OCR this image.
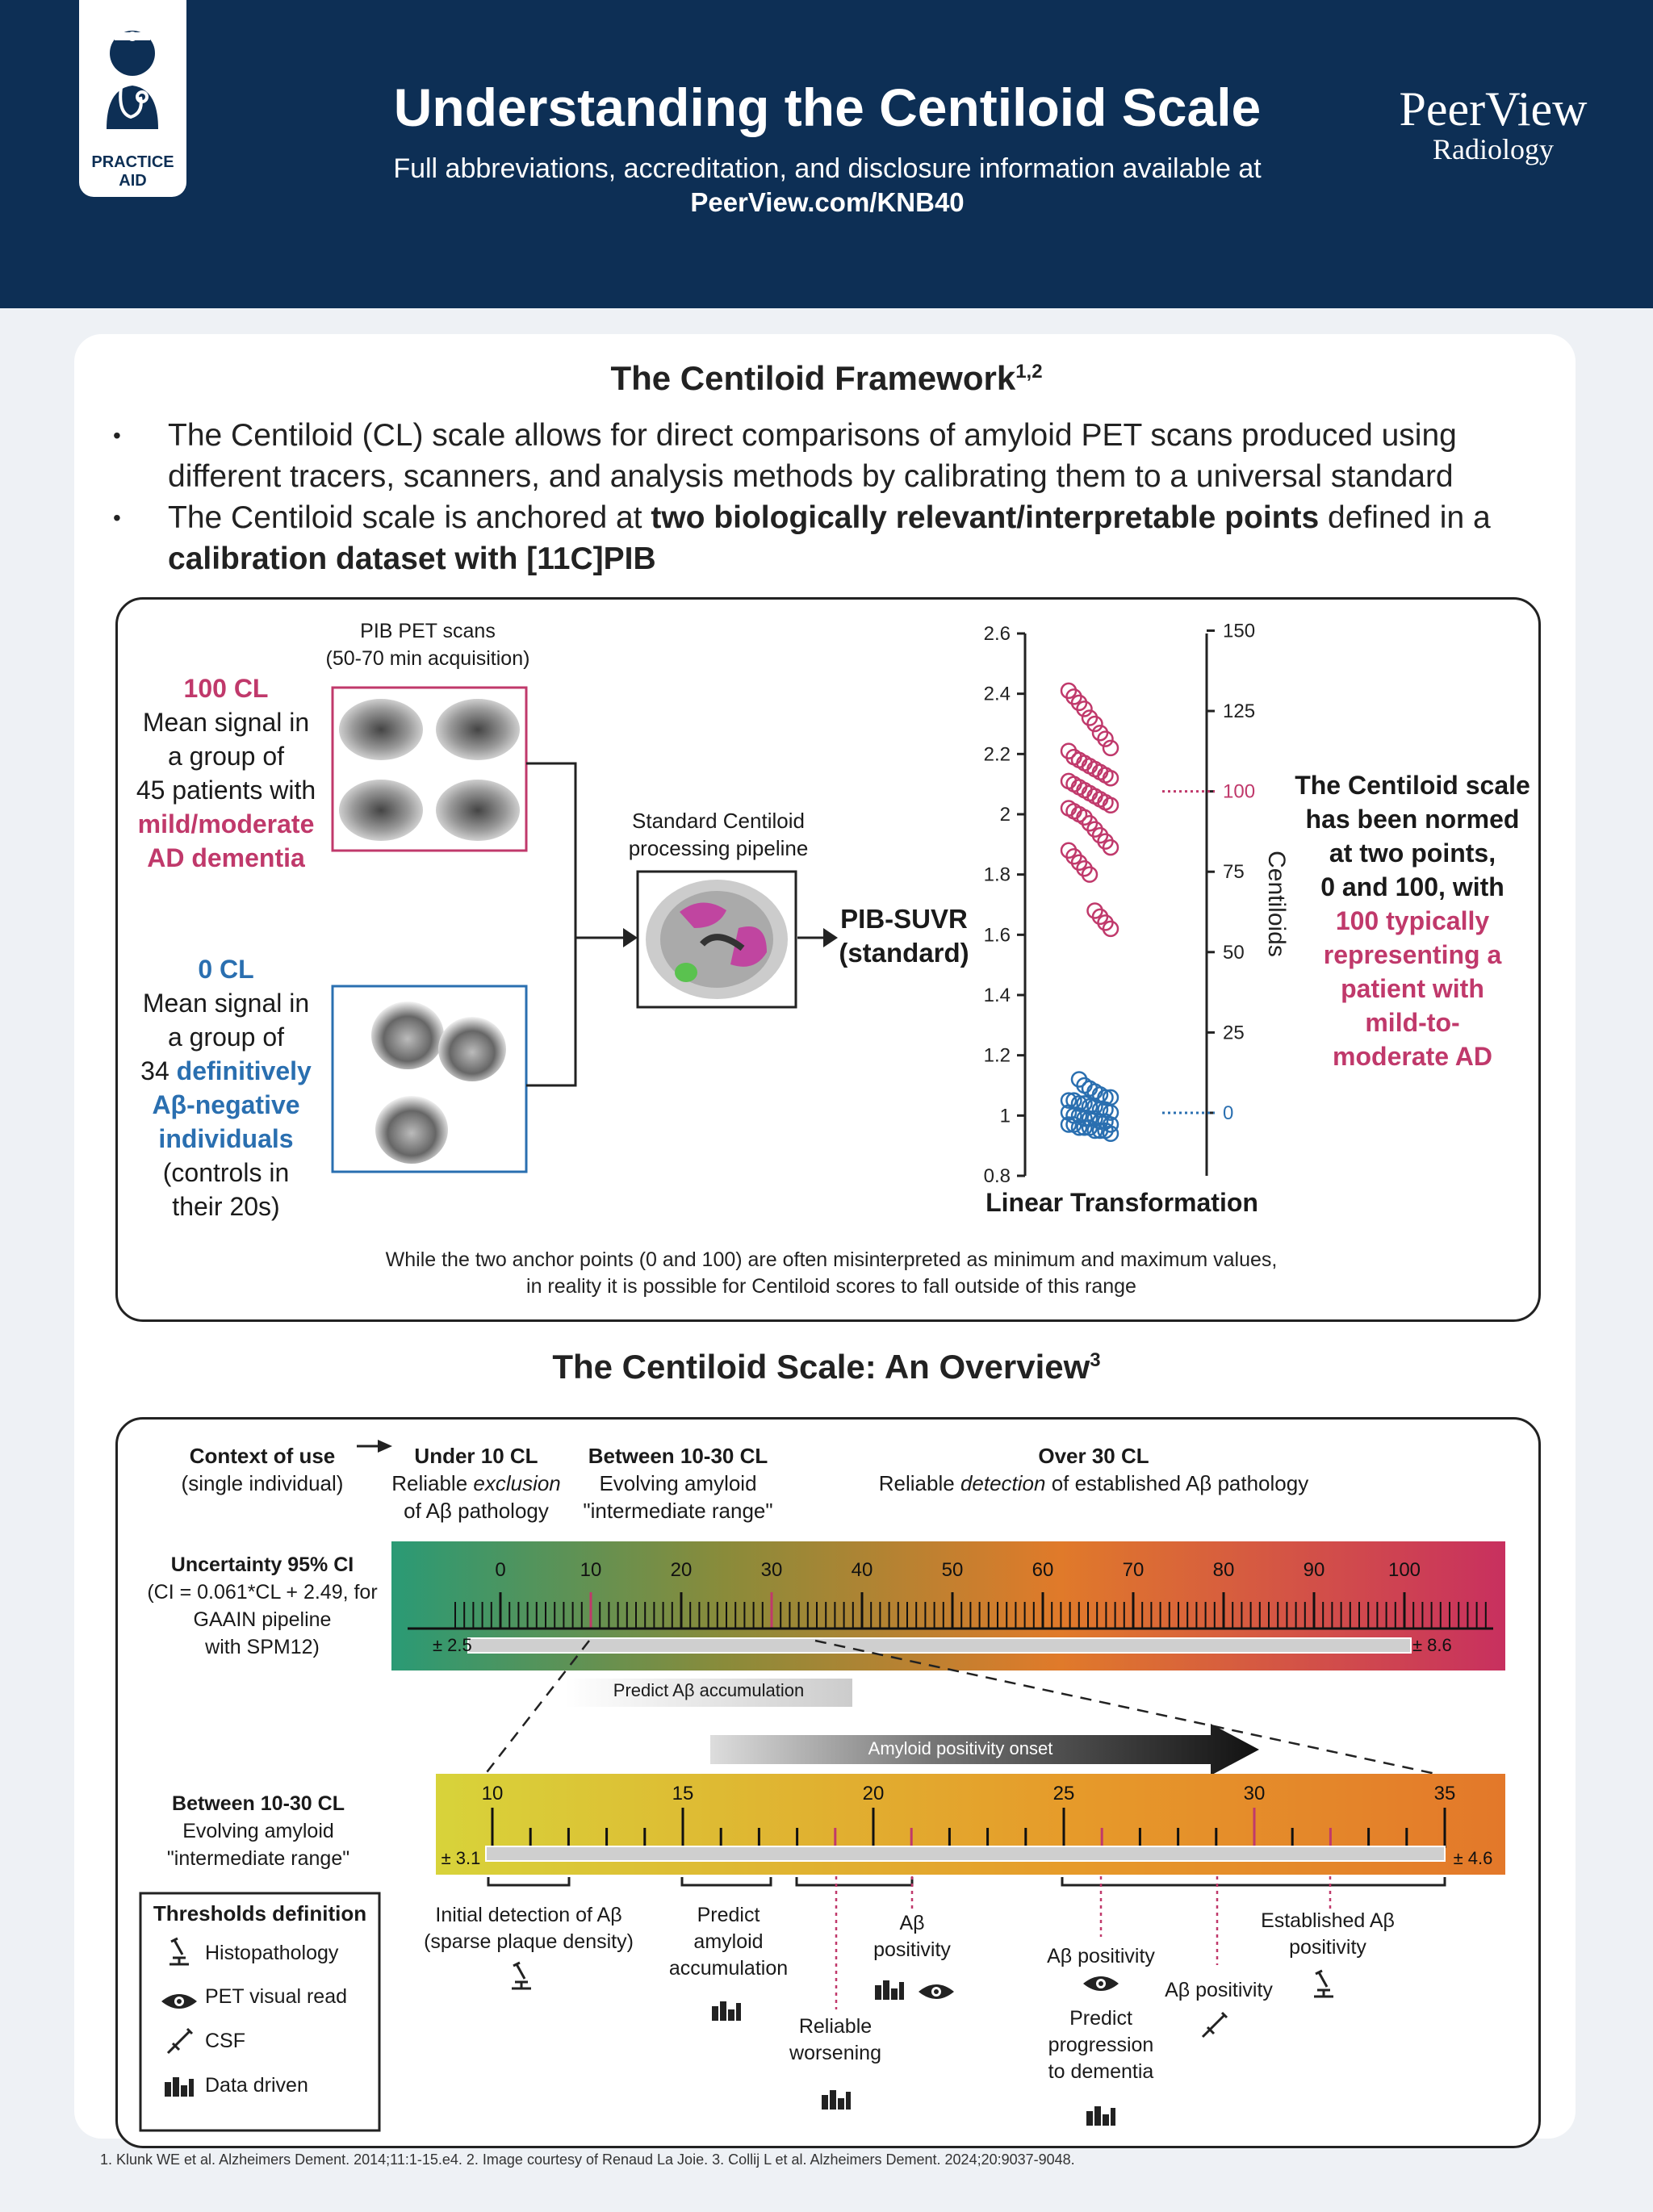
PRACTICE AID
Understanding the Centiloid Scale
Full abbreviations, accreditation, and disclosure information available at
PeerView.com/KNB40
PeerView
Radiology
The Centiloid Framework$^{1,2}$
•	The Centiloid (CL) scale allows for direct comparisons of amyloid PET scans produced using different tracers, scanners, and analysis methods by calibrating them to a universal standard
•	The Centiloid scale is anchored at two biologically relevant/interpretable points defined in a calibration dataset with [11C]PIB
PIB PET scans
(50-70 min acquisition)
100 CL
Mean signal in
a group of
45 patients with
mild/moderate
AD dementia
0 CL
Mean signal in
a group of
34 definitively
Aβ-negative
individuals
(controls in
their 20s)
0.8
1
1.2
1.4
1.6
1.8
2
2.2
2.4
2.6
0
25
50
75
100
125
150
Centiloids
Standard Centiloid
processing pipeline
PIB-SUVR
(standard)
Linear Transformation
The Centiloid scale
has been normed
at two points,
0 and 100, with
100 typically
representing a
patient with
mild-to-
moderate AD
While the two anchor points (0 and 100) are often misinterpreted as minimum and maximum values,
in reality it is possible for Centiloid scores to fall outside of this range
The Centiloid Scale: An Overview$^3$
Context of use
(single individual)
Under 10 CL
Reliable exclusion
of Aβ pathology
Between 10-30 CL
Evolving amyloid
"intermediate range"
Over 30 CL
Reliable detection of established Aβ pathology
Uncertainty 95% CI
(CI = 0.061*CL + 2.49, for
GAAIN pipeline
with SPM12)
Between 10-30 CL
Evolving amyloid
"intermediate range"
0	10	20	30	40	50	60	70	80	90	100
10	15	20	25	30	35
Predict Aβ accumulation
Amyloid positivity onset
± 2.5	± 8.6
± 3.1	± 4.6
Thresholds definition
Histopathology
PET visual read
CSF
Data driven
Initial detection of Aβ
(sparse plaque density)
Predict
amyloid
accumulation
Reliable
worsening
Aβ
positivity	Aβ positivity
Predict
progression
to dementia
Aβ positivity
Established Aβ
positivity
1. Klunk WE et al. Alzheimers Dement. 2014;11:1-15.e4. 2. Image courtesy of Renaud La Joie. 3. Collij L et al. Alzheimers Dement. 2024;20:9037-9048.
